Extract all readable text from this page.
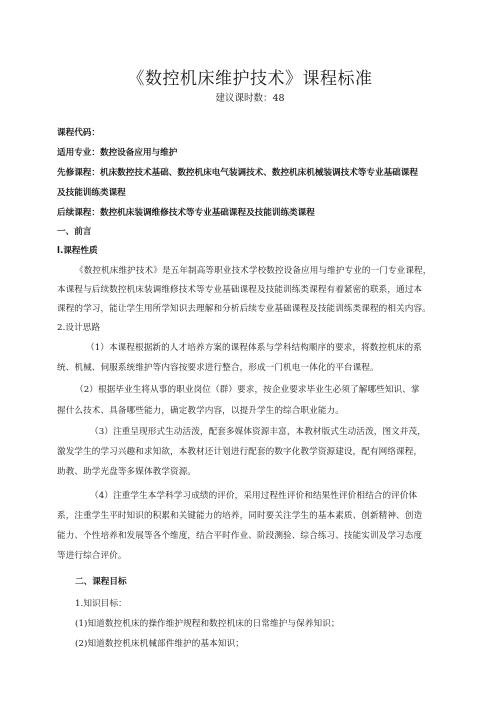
《数控机床维护技术》课程标准
建议课时数：48
课程代码：
适用专业：数控设备应用与维护
先修课程：机床数控技术基础、数控机床电气装调技术、数控机床机械装调技术等专业基础课程
及技能训练类课程
后续课程：数控机床装调维修技术等专业基础课程及技能训练类课程
一、前言
l.课程性质
《数控机床维护技术》是五年制高等职业技术学校数控设备应用与维护专业的一门专业课程，
本课程与后续数控机床装调维修技术等专业基础课程及技能训练类课程有着紧密的联系，通过本
课程的学习，能让学生用所学知识去理解和分析后续专业基础课程及技能训练类课程的相关内容。
2.设计思路
（1）本课程根据新的人才培养方案的课程体系与学科结构顺序的要求，将数控机床的系
统、机械、伺服系统维护等内容按要求进行整合，形成一门机电一体化的平台课程。
（2）根据毕业生将从事的职业岗位（群）要求，按企业要求毕业生必须了解哪些知识、掌
握什么技术、具备哪些能力，确定教学内容，以提升学生的综合职业能力。
（3）注重呈现形式生动活泼，配套多媒体资源丰富，本教材版式生动活泼，图文并茂，
激发学生的学习兴趣和求知欲，本教材还计划进行配套的数字化教学资源建设，配有网络课程，
助教、助学光盘等多媒体教学资源。
（4）注重学生本学科学习成绩的评价，采用过程性评价和结果性评价相结合的评价体
系，注重学生平时知识的积累和关键能力的培养，同时要关注学生的基本素质、创新精神、创造
能力、个性培养和发展等各个维度，结合平时作业、阶段测验、综合练习、技能实训及学习态度
等进行综合评价。
二、课程目标
1.知识目标：
(1)知道数控机床的操作维护规程和数控机床的日常维护与保养知识；
(2)知道数控机床机械部件维护的基本知识；
